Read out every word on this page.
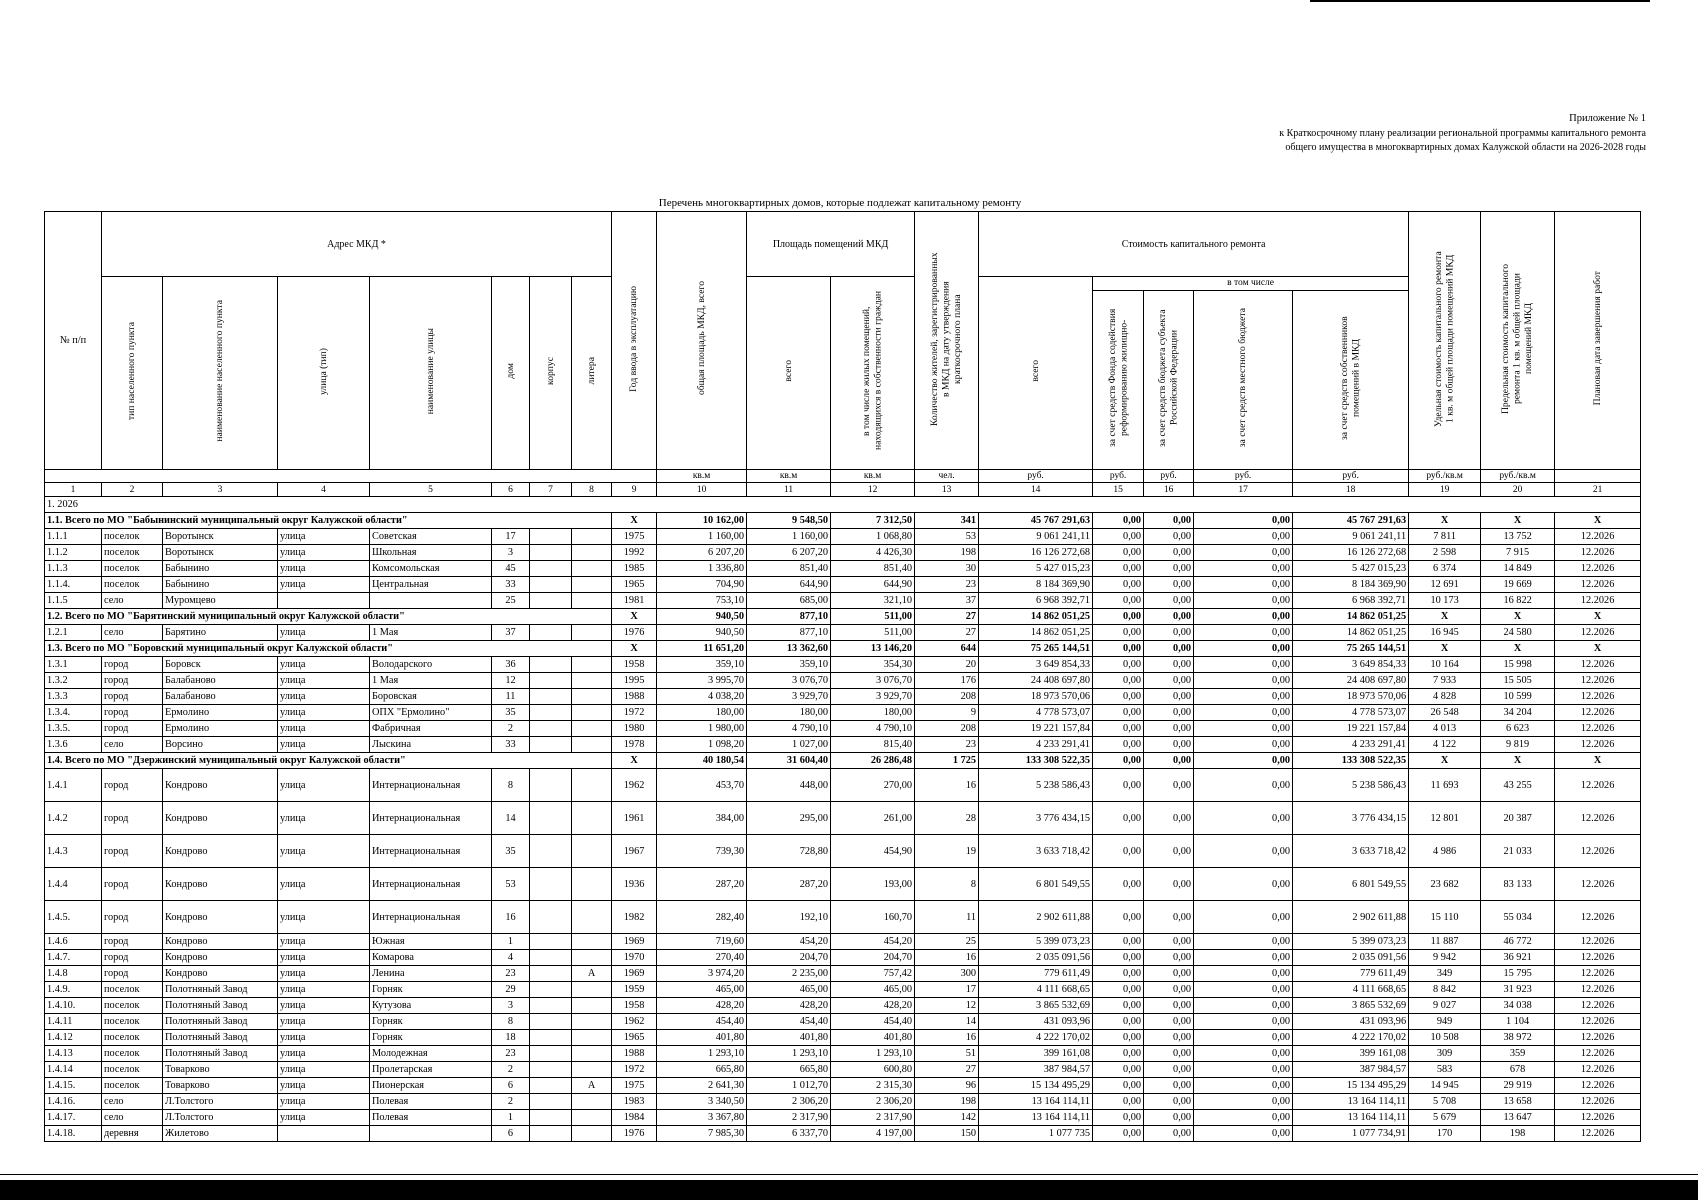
Приложение № 1
к Краткосрочному плану реализации региональной программы капитального ремонта
общего имущества в многоквартирных домах Калужской области на 2026-2028 годы
Перечень многоквартирных домов, которые подлежат капитальному ремонту
№ п/п	Адрес МКД *							Год ввода в эксплуатацию	общая площадь МКД, всего	Площадь помещений МКД		Количество жителей, зарегистрированных в МКД на дату утверждения краткосрочного плана	Стоимость капитального ремонта					Удельная стоимость капитального ремонта 1 кв. м общей площади помещений МКД	Предельная стоимость капитального ремонта 1 кв. м общей площади помещений МКД	Плановая дата завершения работ
	тип населенного пункта	наименование населенного пункта	улица (тип)	наименование улицы	дом	корпус	литера			всего	в том числе жилых помещений, находящихся в собственности граждан		всего	в том числе						
														за счет средств Фонда содействия реформированию жилищно-	за счет средств бюджета субъекта Российской Федерации	за счет средств местного бюджета	за счет средств собственников помещений в МКД			
									кв.м	кв.м	кв.м	чел.	руб.	руб.	руб.	руб.	руб.	руб./кв.м	руб./кв.м	
1	2	3	4	5	6	7	8	9	10	11	12	13	14	15	16	17	18	19	20	21
1. 2026																				
1.1. Всего по МО "Бабынинский муниципальный округ Калужской области"								X	10 162,00	9 548,50	7 312,50	341	45 767 291,63	0,00	0,00	0,00	45 767 291,63	X	X	X
1.1.1	поселок	Воротынск	улица	Советская	17			1975	1 160,00	1 160,00	1 068,80	53	9 061 241,11	0,00	0,00	0,00	9 061 241,11	7 811	13 752	12.2026
1.1.2	поселок	Воротынск	улица	Школьная	3			1992	6 207,20	6 207,20	4 426,30	198	16 126 272,68	0,00	0,00	0,00	16 126 272,68	2 598	7 915	12.2026
1.1.3	поселок	Бабынино	улица	Комсомольская	45			1985	1 336,80	851,40	851,40	30	5 427 015,23	0,00	0,00	0,00	5 427 015,23	6 374	14 849	12.2026
1.1.4.	поселок	Бабынино	улица	Центральная	33			1965	704,90	644,90	644,90	23	8 184 369,90	0,00	0,00	0,00	8 184 369,90	12 691	19 669	12.2026
1.1.5	село	Муромцево			25			1981	753,10	685,00	321,10	37	6 968 392,71	0,00	0,00	0,00	6 968 392,71	10 173	16 822	12.2026
1.2. Всего по МО "Барятинский муниципальный округ Калужской области"								X	940,50	877,10	511,00	27	14 862 051,25	0,00	0,00	0,00	14 862 051,25	X	X	X
1.2.1	село	Барятино	улица	1 Мая	37			1976	940,50	877,10	511,00	27	14 862 051,25	0,00	0,00	0,00	14 862 051,25	16 945	24 580	12.2026
1.3. Всего по МО "Боровский муниципальный округ Калужской области"								X	11 651,20	13 362,60	13 146,20	644	75 265 144,51	0,00	0,00	0,00	75 265 144,51	X	X	X
1.3.1	город	Боровск	улица	Володарского	36			1958	359,10	359,10	354,30	20	3 649 854,33	0,00	0,00	0,00	3 649 854,33	10 164	15 998	12.2026
1.3.2	город	Балабаново	улица	1 Мая	12			1995	3 995,70	3 076,70	3 076,70	176	24 408 697,80	0,00	0,00	0,00	24 408 697,80	7 933	15 505	12.2026
1.3.3	город	Балабаново	улица	Боровская	11			1988	4 038,20	3 929,70	3 929,70	208	18 973 570,06	0,00	0,00	0,00	18 973 570,06	4 828	10 599	12.2026
1.3.4.	город	Ермолино	улица	ОПХ "Ермолино"	35			1972	180,00	180,00	180,00	9	4 778 573,07	0,00	0,00	0,00	4 778 573,07	26 548	34 204	12.2026
1.3.5.	город	Ермолино	улица	Фабричная	2			1980	1 980,00	4 790,10	4 790,10	208	19 221 157,84	0,00	0,00	0,00	19 221 157,84	4 013	6 623	12.2026
1.3.6	село	Ворсино	улица	Лыскина	33			1978	1 098,20	1 027,00	815,40	23	4 233 291,41	0,00	0,00	0,00	4 233 291,41	4 122	9 819	12.2026
1.4. Всего по МО "Дзержинский муниципальный округ Калужской области"								X	40 180,54	31 604,40	26 286,48	1 725	133 308 522,35	0,00	0,00	0,00	133 308 522,35	X	X	X
1.4.1	город	Кондрово	улица	Интернациональная	8			1962	453,70	448,00	270,00	16	5 238 586,43	0,00	0,00	0,00	5 238 586,43	11 693	43 255	12.2026
1.4.2	город	Кондрово	улица	Интернациональная	14			1961	384,00	295,00	261,00	28	3 776 434,15	0,00	0,00	0,00	3 776 434,15	12 801	20 387	12.2026
1.4.3	город	Кондрово	улица	Интернациональная	35			1967	739,30	728,80	454,90	19	3 633 718,42	0,00	0,00	0,00	3 633 718,42	4 986	21 033	12.2026
1.4.4	город	Кондрово	улица	Интернациональная	53			1936	287,20	287,20	193,00	8	6 801 549,55	0,00	0,00	0,00	6 801 549,55	23 682	83 133	12.2026
1.4.5.	город	Кондрово	улица	Интернациональная	16			1982	282,40	192,10	160,70	11	2 902 611,88	0,00	0,00	0,00	2 902 611,88	15 110	55 034	12.2026
1.4.6	город	Кондрово	улица	Южная	1			1969	719,60	454,20	454,20	25	5 399 073,23	0,00	0,00	0,00	5 399 073,23	11 887	46 772	12.2026
1.4.7.	город	Кондрово	улица	Комарова	4			1970	270,40	204,70	204,70	16	2 035 091,56	0,00	0,00	0,00	2 035 091,56	9 942	36 921	12.2026
1.4.8	город	Кондрово	улица	Ленина	23		А	1969	3 974,20	2 235,00	757,42	300	779 611,49	0,00	0,00	0,00	779 611,49	349	15 795	12.2026
1.4.9.	поселок	Полотняный Завод	улица	Горняк	29			1959	465,00	465,00	465,00	17	4 111 668,65	0,00	0,00	0,00	4 111 668,65	8 842	31 923	12.2026
1.4.10.	поселок	Полотняный Завод	улица	Кутузова	3			1958	428,20	428,20	428,20	12	3 865 532,69	0,00	0,00	0,00	3 865 532,69	9 027	34 038	12.2026
1.4.11	поселок	Полотняный Завод	улица	Горняк	8			1962	454,40	454,40	454,40	14	431 093,96	0,00	0,00	0,00	431 093,96	949	1 104	12.2026
1.4.12	поселок	Полотняный Завод	улица	Горняк	18			1965	401,80	401,80	401,80	16	4 222 170,02	0,00	0,00	0,00	4 222 170,02	10 508	38 972	12.2026
1.4.13	поселок	Полотняный Завод	улица	Молодежная	23			1988	1 293,10	1 293,10	1 293,10	51	399 161,08	0,00	0,00	0,00	399 161,08	309	359	12.2026
1.4.14	поселок	Товарково	улица	Пролетарская	2			1972	665,80	665,80	600,80	27	387 984,57	0,00	0,00	0,00	387 984,57	583	678	12.2026
1.4.15.	поселок	Товарково	улица	Пионерская	6		А	1975	2 641,30	1 012,70	2 315,30	96	15 134 495,29	0,00	0,00	0,00	15 134 495,29	14 945	29 919	12.2026
1.4.16.	село	Л.Толстого	улица	Полевая	2			1983	3 340,50	2 306,20	2 306,20	198	13 164 114,11	0,00	0,00	0,00	13 164 114,11	5 708	13 658	12.2026
1.4.17.	село	Л.Толстого	улица	Полевая	1			1984	3 367,80	2 317,90	2 317,90	142	13 164 114,11	0,00	0,00	0,00	13 164 114,11	5 679	13 647	12.2026
1.4.18.	деревня	Жилетово			6			1976	7 985,30	6 337,70	4 197,00	150	1 077 735	0,00	0,00	0,00	1 077 734,91	170	198	12.2026
